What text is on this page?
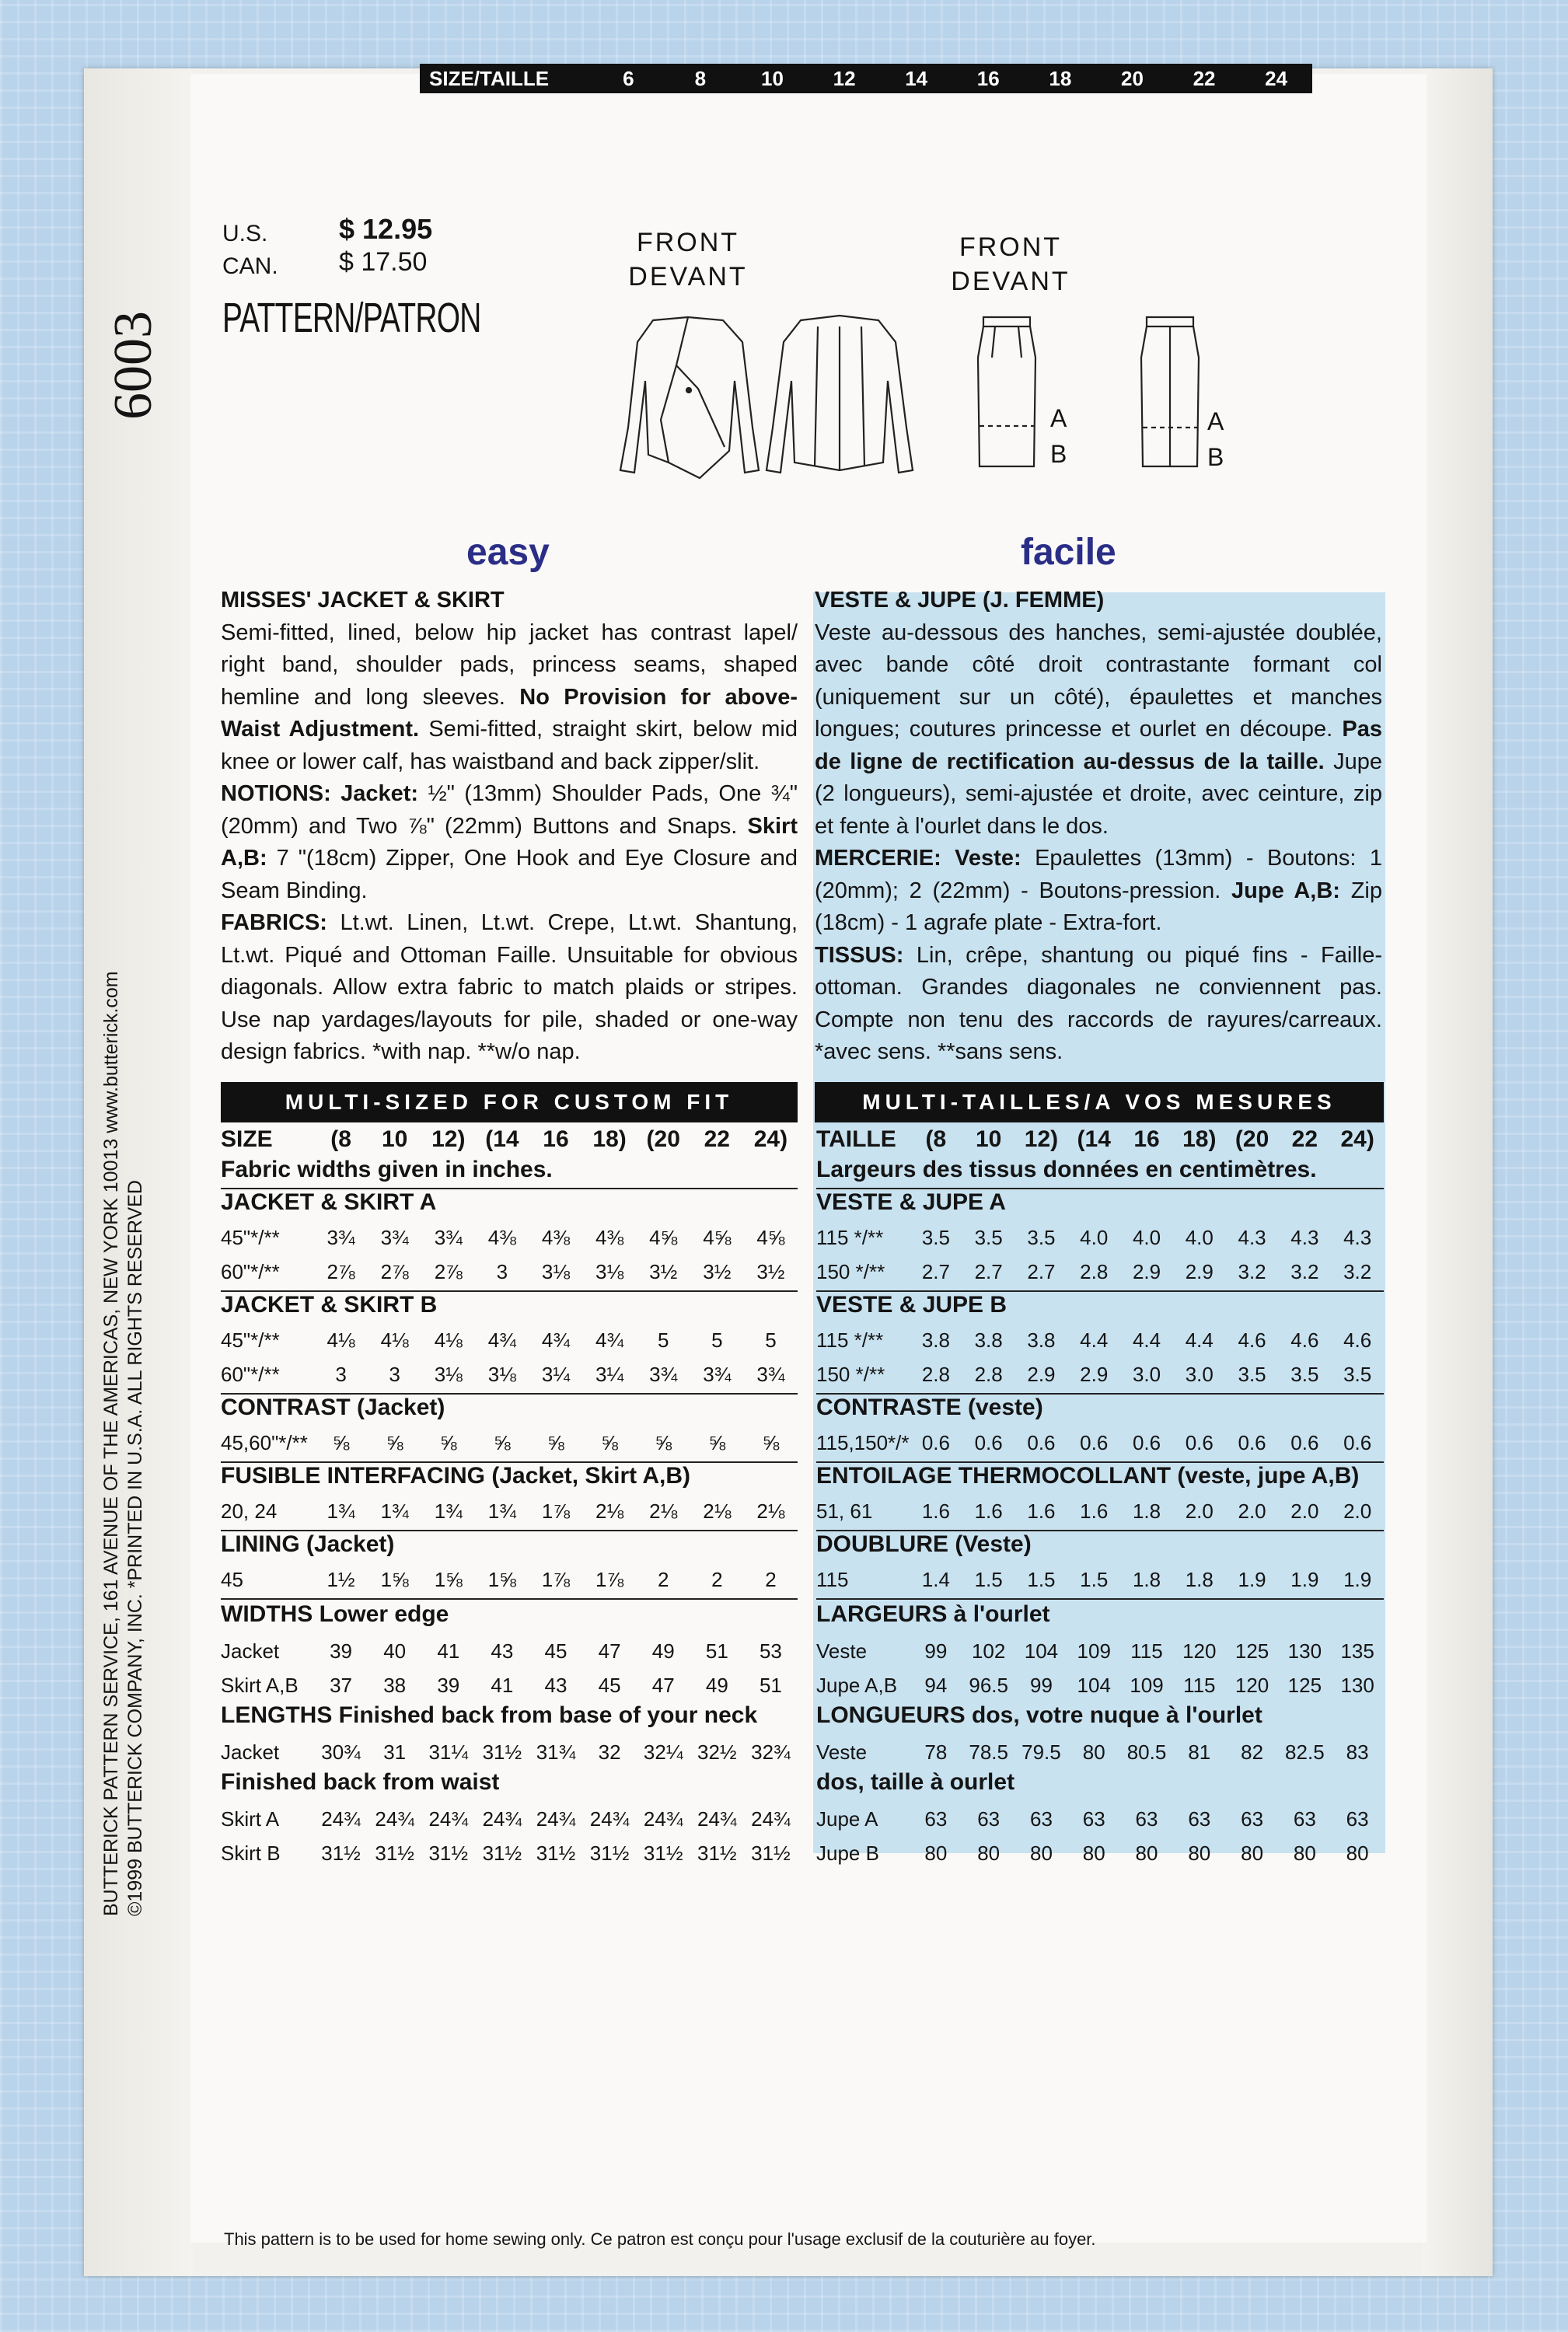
SIZE/TAILLE	6	8	10	12	14	16	18	20	22	24
U.S.	$ 12.95
CAN. $ 17.50
PATTERN/PATRON
6003
BUTTERICK PATTERN SERVICE, 161 AVENUE OF THE AMERICAS, NEW YORK 10013 www.butterick.com ©1999 BUTTERICK COMPANY, INC. *PRINTED IN U.S.A. ALL RIGHTS RESERVED
FRONT
DEVANT
FRONT
DEVANT
A
B
A
B
easy	facile
MISSES' JACKET & SKIRT
Semi-fitted, lined, below hip jacket has contrast lapel/ right band, shoulder pads, princess seams, shaped hemline and long sleeves. No Provision for above-Waist Adjustment. Semi-fitted, straight skirt, below mid knee or lower calf, has waistband and back zipper/slit.
NOTIONS: Jacket: ½" (13mm) Shoulder Pads, One ¾" (20mm) and Two ⅞" (22mm) Buttons and Snaps. Skirt A,B: 7 "(18cm) Zipper, One Hook and Eye Closure and Seam Binding.
FABRICS: Lt.wt. Linen, Lt.wt. Crepe, Lt.wt. Shantung, Lt.wt. Piqué and Ottoman Faille. Unsuitable for obvious diagonals. Allow extra fabric to match plaids or stripes. Use nap yardages/layouts for pile, shaded or one-way design fabrics. *with nap. **w/o nap.
VESTE & JUPE (J. FEMME)
Veste au-dessous des hanches, semi-ajustée doublée, avec bande côté droit contrastante formant col (uniquement sur un côté), épaulettes et manches longues; coutures princesse et ourlet en découpe. Pas de ligne de rectification au-dessus de la taille. Jupe (2 longueurs), semi-ajustée et droite, avec ceinture, zip et fente à l'ourlet dans le dos.
MERCERIE: Veste: Epaulettes (13mm) - Boutons: 1 (20mm); 2 (22mm) - Boutons-pression. Jupe A,B: Zip (18cm) - 1 agrafe plate - Extra-fort.
TISSUS: Lin, crêpe, shantung ou piqué fins - Faille-ottoman. Grandes diagonales ne conviennent pas. Compte non tenu des raccords de rayures/carreaux. *avec sens. **sans sens.
MULTI-SIZED FOR CUSTOM FIT	MULTI-TAILLES/A VOS MESURES
SIZE	(8	10	12) (14	16	18) (20	22	24)
Fabric widths given in inches.
JACKET & SKIRT A
45"*/**	3¾	3¾	3¾	4⅜	4⅜	4⅜	4⅝	4⅝	4⅝
60"*/**	2⅞	2⅞	2⅞	3	3⅛	3⅛	3½	3½	3½
JACKET & SKIRT B
45"*/**	4⅛	4⅛	4⅛	4¾	4¾	4¾	5	5	5
60"*/**	3	3	3⅛	3⅛	3¼	3¼	3¾	3¾	3¾
CONTRAST (Jacket)
45,60"*/**	⅝	⅝	⅝	⅝	⅝	⅝	⅝	⅝	⅝
FUSIBLE INTERFACING (Jacket, Skirt A,B)
20, 24	1¾	1¾	1¾	1¾	1⅞	2⅛	2⅛	2⅛	2⅛
LINING (Jacket)
45	1½	1⅝	1⅝	1⅝	1⅞	1⅞	2	2	2
WIDTHS Lower edge
Jacket	39	40	41	43	45	47	49	51	53
Skirt A,B	37	38	39	41	43	45	47	49	51
LENGTHS Finished back from base of your neck
Jacket	30¾	31	31¼ 31½ 31¾	32	32¼ 32½ 32¾
Finished back from waist
Skirt A	24¾ 24¾ 24¾ 24¾ 24¾ 24¾ 24¾ 24¾ 24¾
Skirt B	31½ 31½ 31½ 31½ 31½ 31½ 31½ 31½ 31½
TAILLE	(8	10 12) (14 16 18) (20 22 24)
Largeurs des tissus données en centimètres.
VESTE & JUPE A
115 */**	3.5	3.5	3.5	4.0	4.0	4.0	4.3	4.3	4.3
150 */**	2.7	2.7	2.7	2.8	2.9	2.9	3.2	3.2	3.2
VESTE & JUPE B
115 */**	3.8	3.8	3.8	4.4	4.4	4.4	4.6	4.6	4.6
150 */**	2.8	2.8	2.9	2.9	3.0	3.0	3.5	3.5	3.5
CONTRASTE (veste)
115,150*/* 0.6	0.6	0.6	0.6	0.6	0.6	0.6	0.6	0.6
ENTOILAGE THERMOCOLLANT (veste, jupe A,B)
51, 61	1.6	1.6	1.6	1.6	1.8	2.0	2.0	2.0	2.0
DOUBLURE (Veste)
115	1.4	1.5	1.5	1.5	1.8	1.8	1.9	1.9	1.9
LARGEURS à l'ourlet
Veste	99	102 104 109 115 120 125 130 135
Jupe A,B	94	96.5	99	104 109 115 120 125 130
LONGUEURS dos, votre nuque à l'ourlet
Veste	78	78.5 79.5	80	80.5	81	82	82.5	83
dos, taille à ourlet
Jupe A	63	63	63	63	63	63	63	63	63
Jupe B	80	80	80	80	80	80	80	80	80
This pattern is to be used for home sewing only. Ce patron est conçu pour l'usage exclusif de la couturière au foyer.
